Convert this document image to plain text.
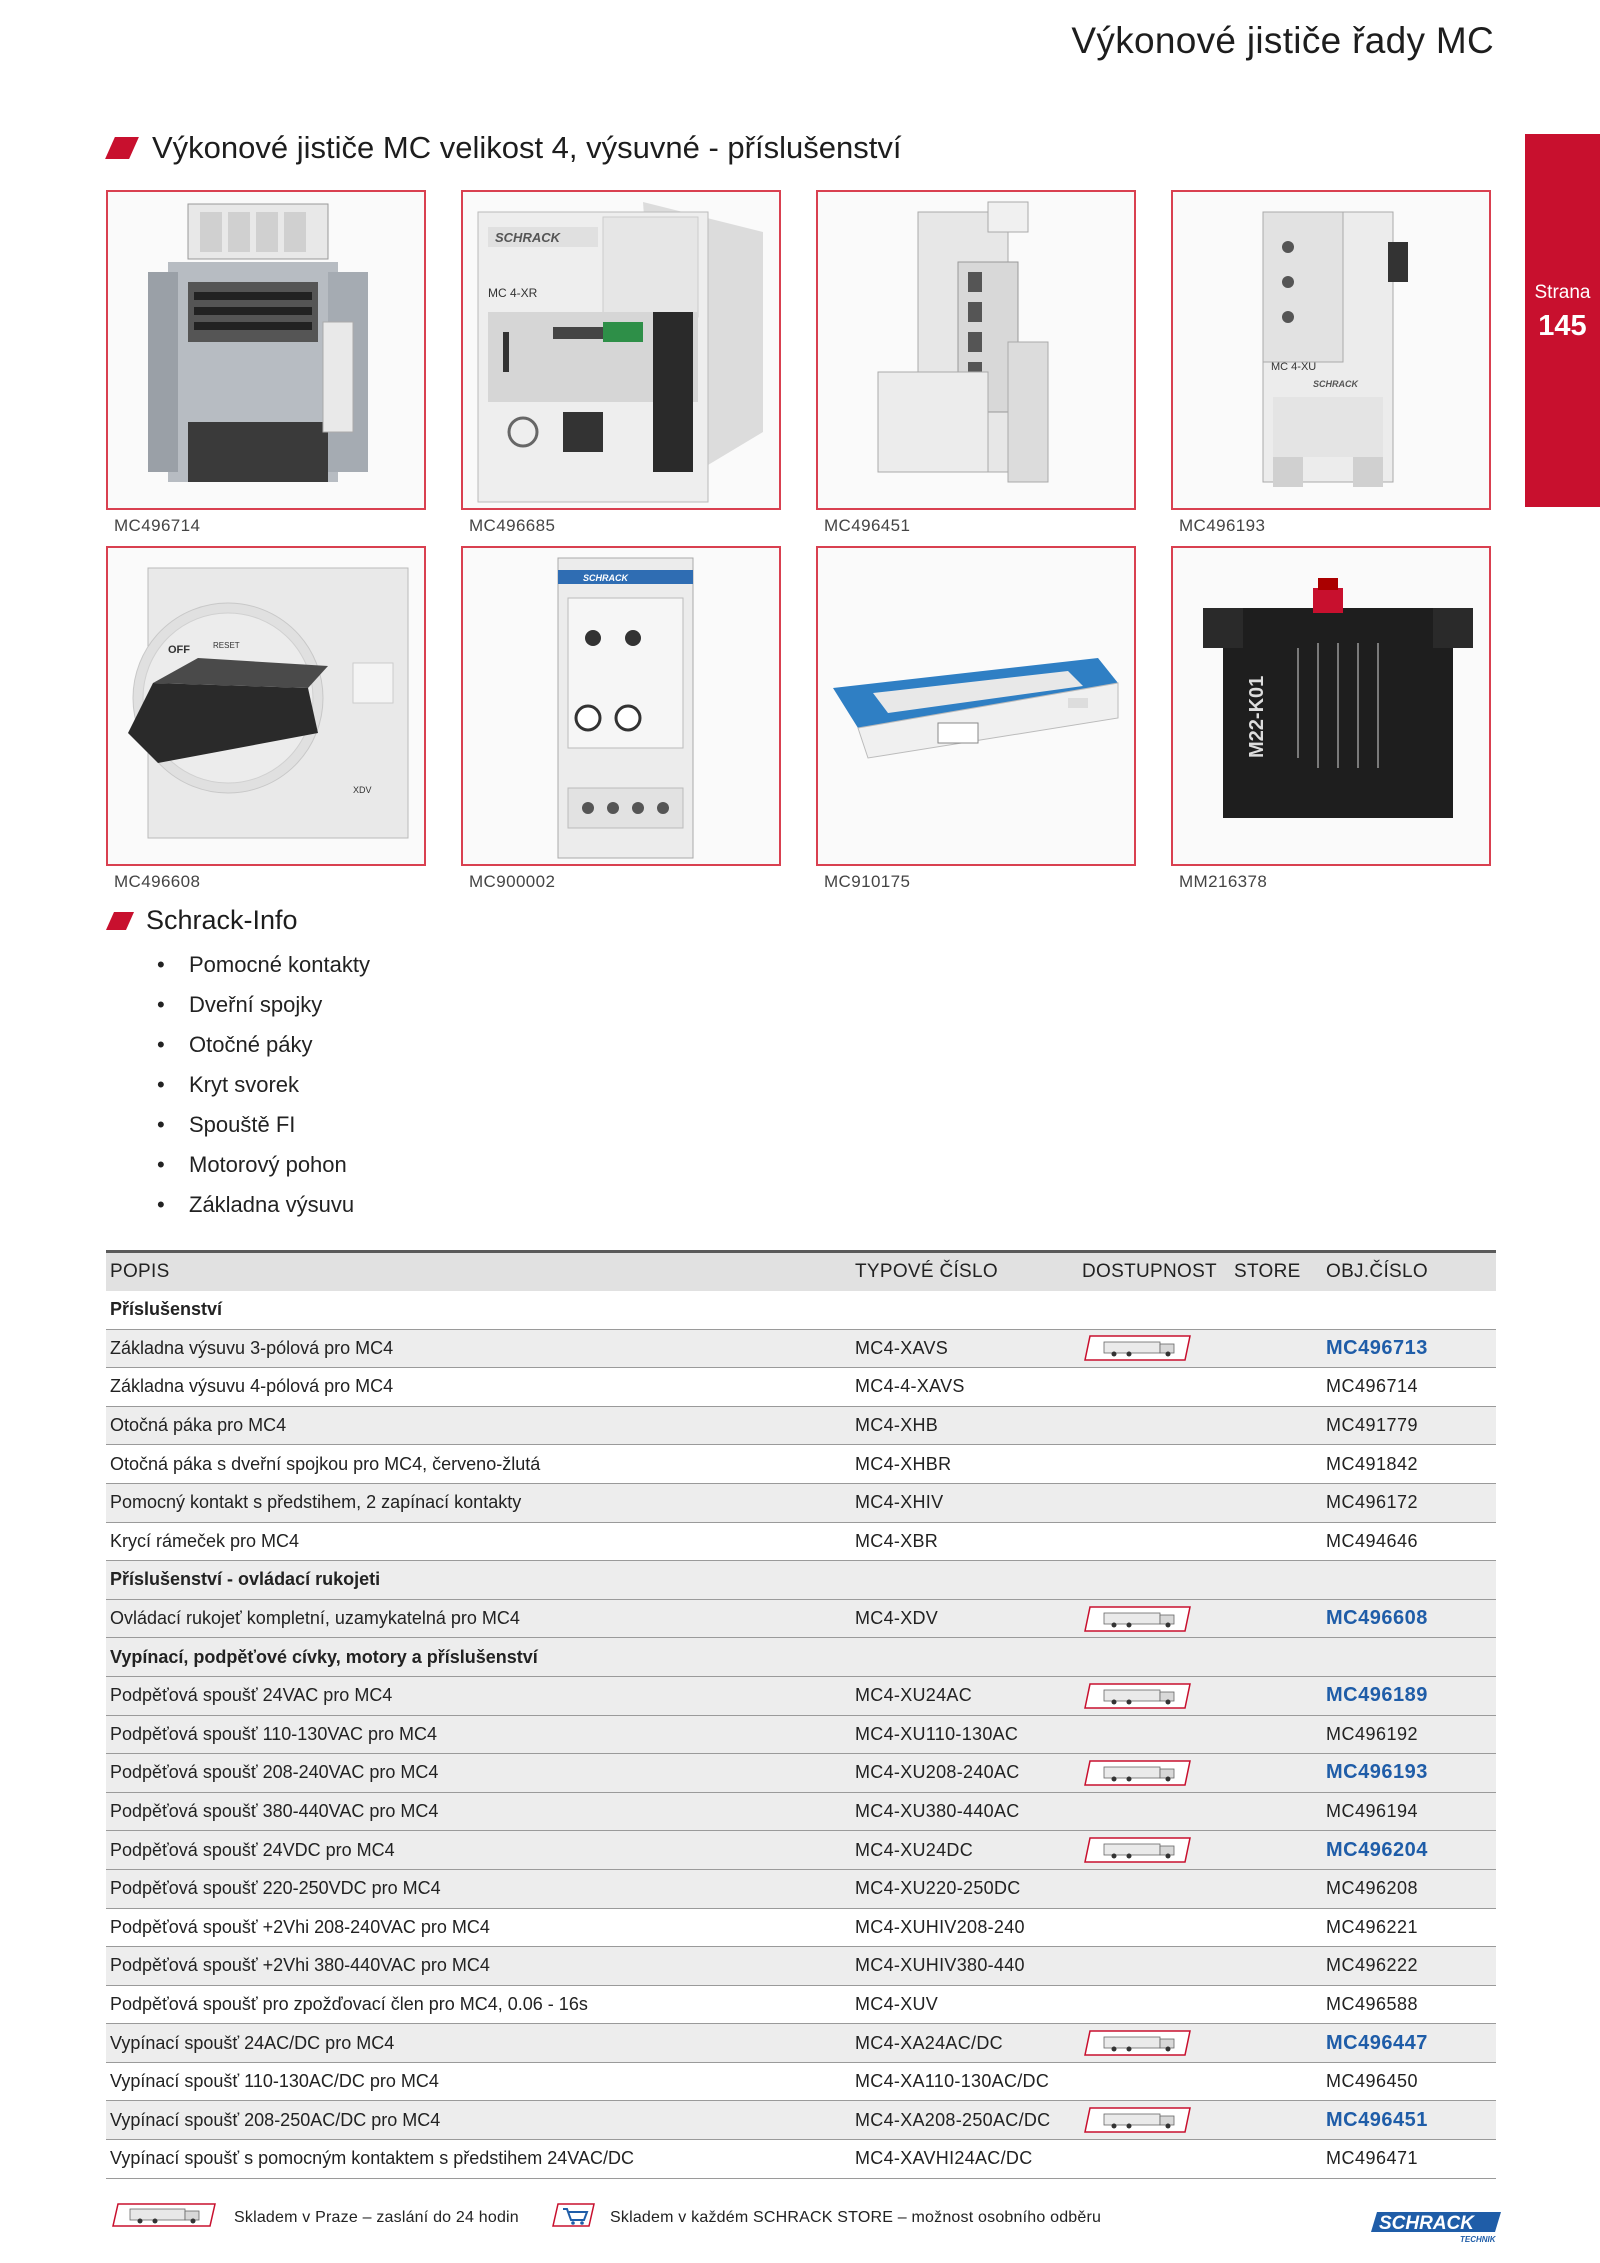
Výkonové jističe řady MC
Strana
145
Výkonové jističe MC velikost 4, výsuvné - příslušenství
MC496714
SCHRACK
MC 4-XR
MC496685	MC496451
MC 4-XU
SCHRACK
MC496193
OFF	RESET
XDV
MC496608
SCHRACK
MC900002	MC910175
M22-K01
MM216378
Schrack-Info
• Pomocné kontakty
• Dveřní spojky
• Otočné páky
• Kryt svorek
• Spouště FI
• Motorový pohon
• Základna výsuvu
POPIS	TYPOVÉ ČÍSLO	DOSTUPNOST	STORE	OBJ.ČÍSLO
Příslušenství				
Základna výsuvu 3-pólová pro MC4	MC4-XAVS			MC496713
Základna výsuvu 4-pólová pro MC4	MC4-4-XAVS			MC496714
Otočná páka pro MC4	MC4-XHB			MC491779
Otočná páka s dveřní spojkou pro MC4, červeno-žlutá	MC4-XHBR			MC491842
Pomocný kontakt s předstihem, 2 zapínací kontakty	MC4-XHIV			MC496172
Krycí rámeček pro MC4	MC4-XBR			MC494646
Příslušenství - ovládací rukojeti				
Ovládací rukojeť kompletní, uzamykatelná pro MC4	MC4-XDV			MC496608
Vypínací, podpěťové cívky, motory a příslušenství				
Podpěťová spoušť 24VAC pro MC4	MC4-XU24AC			MC496189
Podpěťová spoušť 110-130VAC pro MC4	MC4-XU110-130AC			MC496192
Podpěťová spoušť 208-240VAC pro MC4	MC4-XU208-240AC			MC496193
Podpěťová spoušť 380-440VAC pro MC4	MC4-XU380-440AC			MC496194
Podpěťová spoušť 24VDC pro MC4	MC4-XU24DC			MC496204
Podpěťová spoušť 220-250VDC pro MC4	MC4-XU220-250DC			MC496208
Podpěťová spoušť +2Vhi 208-240VAC pro MC4	MC4-XUHIV208-240			MC496221
Podpěťová spoušť +2Vhi 380-440VAC pro MC4	MC4-XUHIV380-440			MC496222
Podpěťová spoušť pro zpožďovací člen pro MC4, 0.06 - 16s	MC4-XUV			MC496588
Vypínací spoušť 24AC/DC pro MC4	MC4-XA24AC/DC			MC496447
Vypínací spoušť 110-130AC/DC pro MC4	MC4-XA110-130AC/DC			MC496450
Vypínací spoušť 208-250AC/DC pro MC4	MC4-XA208-250AC/DC			MC496451
Vypínací spoušť s pomocným kontaktem s předstihem 24VAC/DC	MC4-XAVHI24AC/DC			MC496471
Skladem v Praze – zaslání do 24 hodin	Skladem v každém SCHRACK STORE – možnost osobního odběru	SCHRACK
TECHNIK
